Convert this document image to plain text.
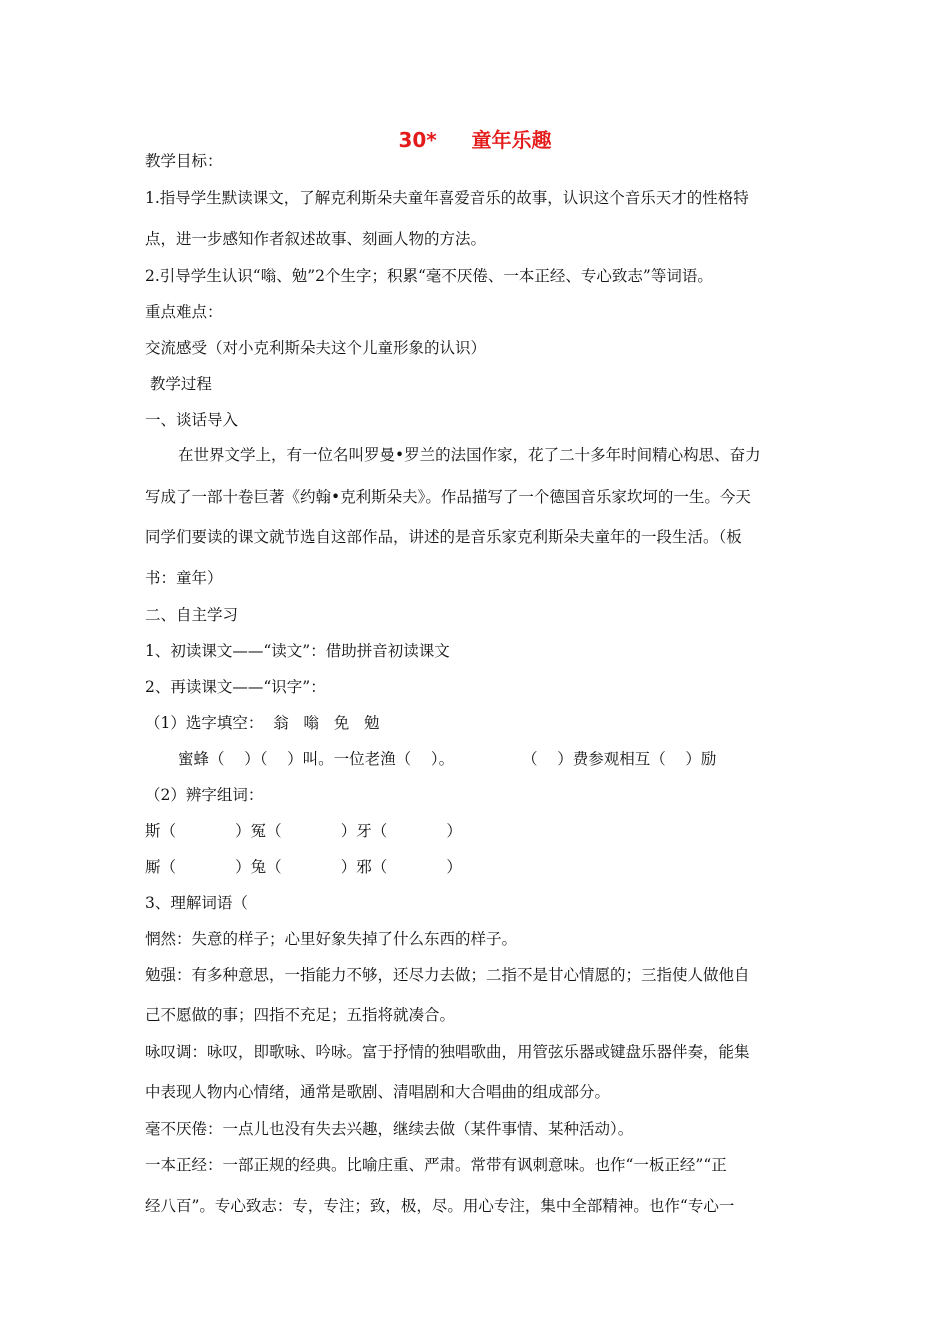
30*     童年乐趣
教学目标：
1.指导学生默读课文，了解克利斯朵夫童年喜爱音乐的故事，认识这个音乐天才的性格特
点，进一步感知作者叙述故事、刻画人物的方法。
2.引导学生认识“嗡、勉”2个生字；积累“毫不厌倦、一本正经、专心致志”等词语。
重点难点：
交流感受（对小克利斯朵夫这个儿童形象的认识）
教学过程
一、谈话导入
在世界文学上，有一位名叫罗曼•罗兰的法国作家，花了二十多年时间精心构思、奋力
写成了一部十卷巨著《约翰•克利斯朵夫》。作品描写了一个德国音乐家坎坷的一生。今天
同学们要读的课文就节选自这部作品，讲述的是音乐家克利斯朵夫童年的一段生活。（板
书：童年）
二、自主学习
1、初读课文——“读文”：借助拼音初读课文
2、再读课文——“识字”：
（1）选字填空：  翁   嗡   免   勉
蜜蜂（    ）（    ）叫。一位老渔（    ）。	（    ）费参观相互（    ）励
（2）辨字组词：
斯（            ）冤（            ）牙（            ）
厮（            ）兔（            ）邪（            ）
3、理解词语（
惘然：失意的样子；心里好象失掉了什么东西的样子。
勉强：有多种意思，一指能力不够，还尽力去做；二指不是甘心情愿的；三指使人做他自
己不愿做的事；四指不充足；五指将就凑合。
咏叹调：咏叹，即歌咏、吟咏。富于抒情的独唱歌曲，用管弦乐器或键盘乐器伴奏，能集
中表现人物内心情绪，通常是歌剧、清唱剧和大合唱曲的组成部分。
毫不厌倦：一点儿也没有失去兴趣，继续去做（某件事情、某种活动）。
一本正经：一部正规的经典。比喻庄重、严肃。常带有讽刺意味。也作“一板正经”“正
经八百”。专心致志：专，专注；致，极，尽。用心专注，集中全部精神。也作“专心一
